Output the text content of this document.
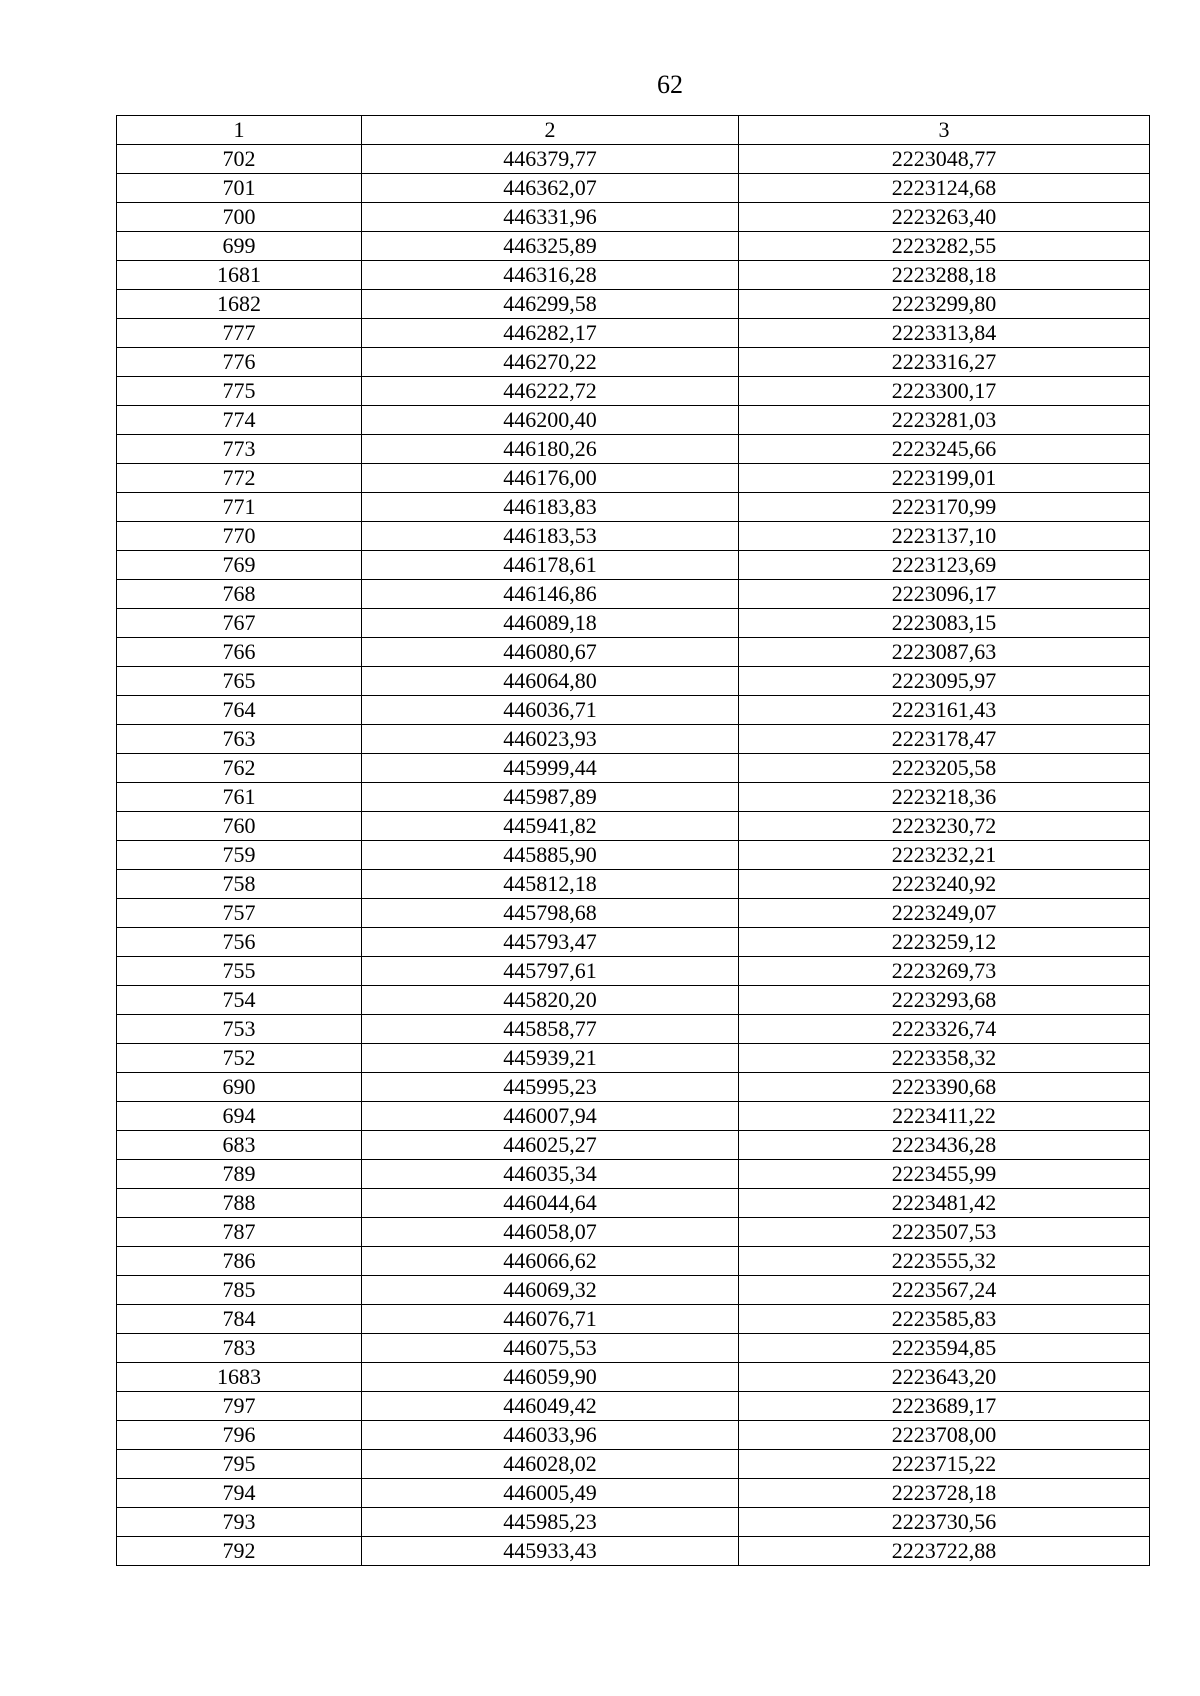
62
1	2	3
702	446379,77	2223048,77
701	446362,07	2223124,68
700	446331,96	2223263,40
699	446325,89	2223282,55
1681	446316,28	2223288,18
1682	446299,58	2223299,80
777	446282,17	2223313,84
776	446270,22	2223316,27
775	446222,72	2223300,17
774	446200,40	2223281,03
773	446180,26	2223245,66
772	446176,00	2223199,01
771	446183,83	2223170,99
770	446183,53	2223137,10
769	446178,61	2223123,69
768	446146,86	2223096,17
767	446089,18	2223083,15
766	446080,67	2223087,63
765	446064,80	2223095,97
764	446036,71	2223161,43
763	446023,93	2223178,47
762	445999,44	2223205,58
761	445987,89	2223218,36
760	445941,82	2223230,72
759	445885,90	2223232,21
758	445812,18	2223240,92
757	445798,68	2223249,07
756	445793,47	2223259,12
755	445797,61	2223269,73
754	445820,20	2223293,68
753	445858,77	2223326,74
752	445939,21	2223358,32
690	445995,23	2223390,68
694	446007,94	2223411,22
683	446025,27	2223436,28
789	446035,34	2223455,99
788	446044,64	2223481,42
787	446058,07	2223507,53
786	446066,62	2223555,32
785	446069,32	2223567,24
784	446076,71	2223585,83
783	446075,53	2223594,85
1683	446059,90	2223643,20
797	446049,42	2223689,17
796	446033,96	2223708,00
795	446028,02	2223715,22
794	446005,49	2223728,18
793	445985,23	2223730,56
792	445933,43	2223722,88
